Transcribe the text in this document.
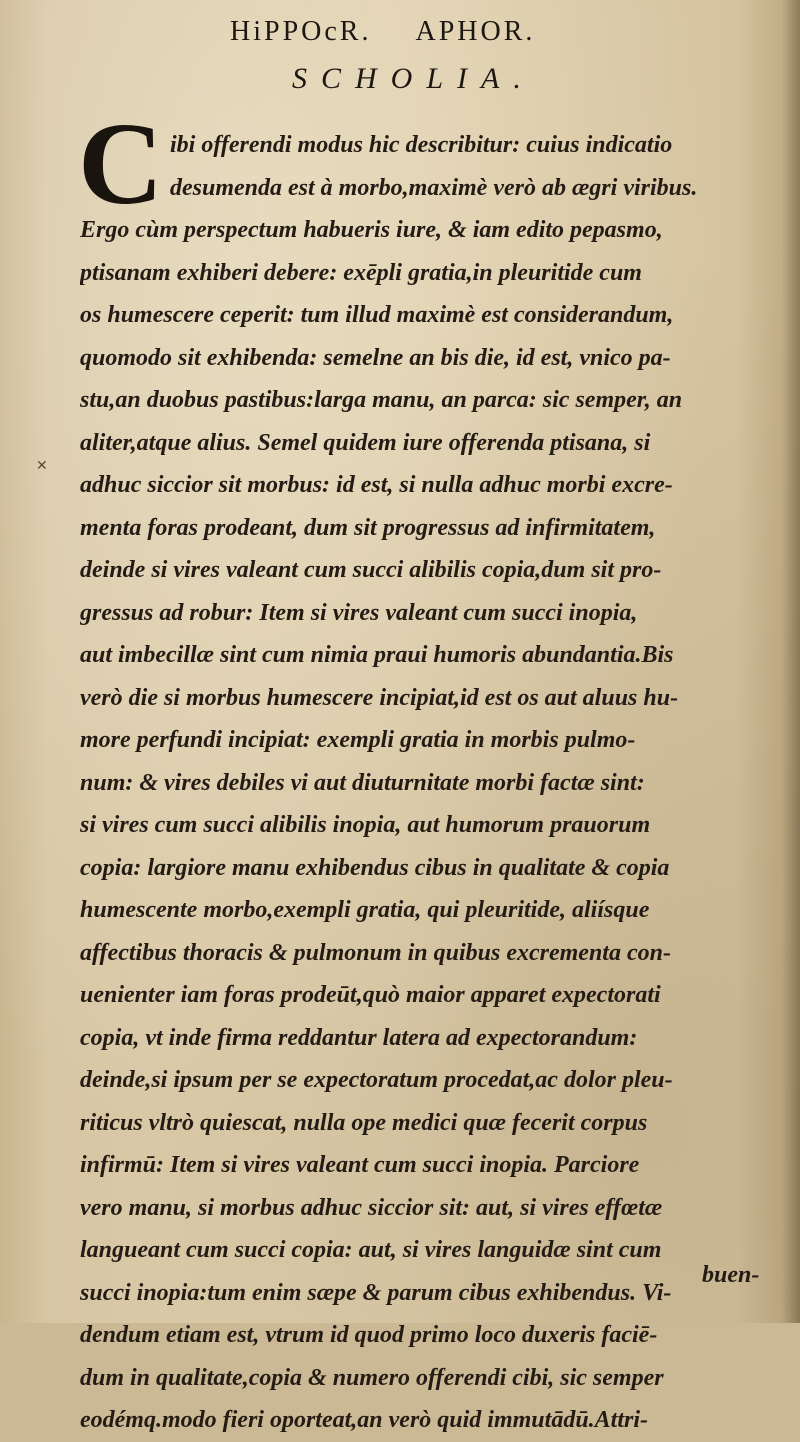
HiPPOcR. APHOR.
SCHOLIA.
C ibi offerendi modus hic describitur: cuius indicatio
desumenda est à morbo,maximè verò ab ægri viribus.
Ergo cùm perspectum habueris iure, & iam edito pepasmo,
ptisanam exhiberi debere: exēpli gratia,in pleuritide cum
os humescere ceperit: tum illud maximè est considerandum,
quomodo sit exhibenda: semelne an bis die, id est, vnico pa-
stu,an duobus pastibus:larga manu, an parca: sic semper, an
aliter,atque alius. Semel quidem iure offerenda ptisana, si
adhuc siccior sit morbus: id est, si nulla adhuc morbi excre-
menta foras prodeant, dum sit progressus ad infirmitatem,
deinde si vires valeant cum succi alibilis copia,dum sit pro-
gressus ad robur: Item si vires valeant cum succi inopia,
aut imbecillæ sint cum nimia praui humoris abundantia.Bis
verò die si morbus humescere incipiat,id est os aut aluus hu-
more perfundi incipiat: exempli gratia in morbis pulmo-
num: & vires debiles vi aut diuturnitate morbi factæ sint:
si vires cum succi alibilis inopia, aut humorum prauorum
copia: largiore manu exhibendus cibus in qualitate & copia
humescente morbo,exempli gratia, qui pleuritide, aliísque
affectibus thoracis & pulmonum in quibus excrementa con-
uenienter iam foras prodeūt,quò maior apparet expectorati
copia, vt inde firma reddantur latera ad expectorandum:
deinde,si ipsum per se expectoratum procedat,ac dolor pleu-
riticus vltrò quiescat, nulla ope medici quæ fecerit corpus
infirmū: Item si vires valeant cum succi inopia. Parciore
vero manu, si morbus adhuc siccior sit: aut, si vires effœtæ
langueant cum succi copia: aut, si vires languidæ sint cum
succi inopia:tum enim sæpe & parum cibus exhibendus. Vi-
dendum etiam est, vtrum id quod primo loco duxeris faciē-
dum in qualitate,copia & numero offerendi cibi, sic semper
eodémq.modo fieri oporteat,an verò quid immutādū.Attri-
✕
buen-
